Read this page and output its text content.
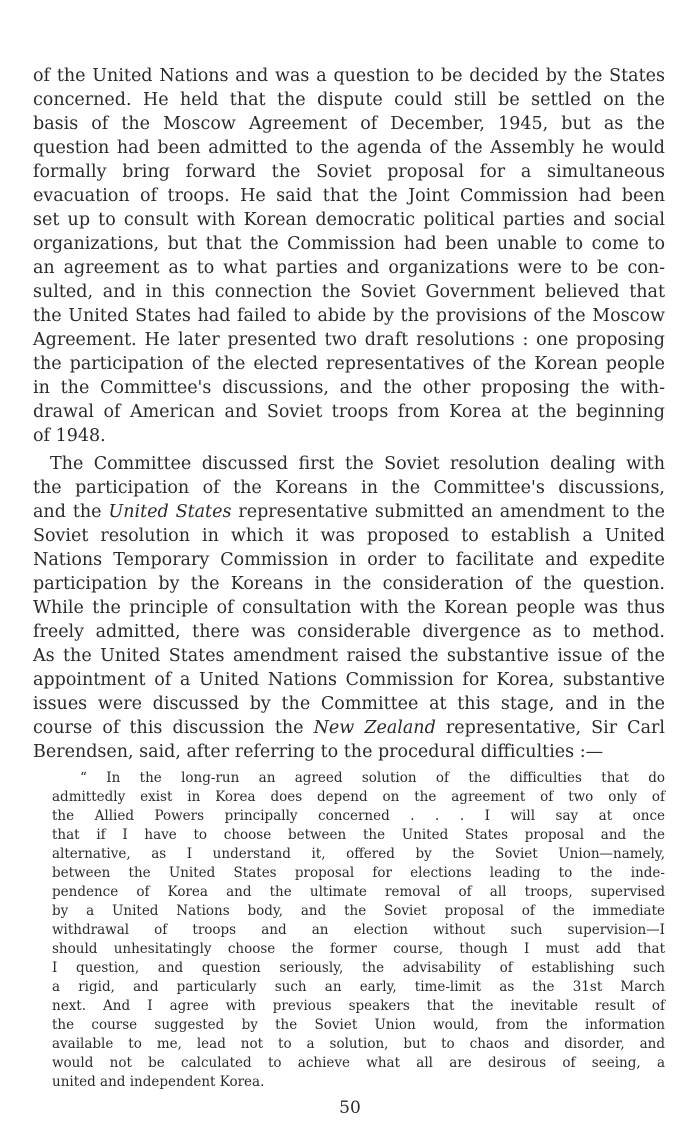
of the United Nations and was a question to be decided by the States
concerned. He held that the dispute could still be settled on the
basis of the Moscow Agreement of December, 1945, but as the
question had been admitted to the agenda of the Assembly he would
formally bring forward the Soviet proposal for a simultaneous
evacuation of troops. He said that the Joint Commission had been
set up to consult with Korean democratic political parties and social
organizations, but that the Commission had been unable to come to
an agreement as to what parties and organizations were to be con-
sulted, and in this connection the Soviet Government believed that
the United States had failed to abide by the provisions of the Moscow
Agreement. He later presented two draft resolutions : one proposing
the participation of the elected representatives of the Korean people
in the Committee's discussions, and the other proposing the with-
drawal of American and Soviet troops from Korea at the beginning
of 1948.
The Committee discussed first the Soviet resolution dealing with
the participation of the Koreans in the Committee's discussions,
and the United States representative submitted an amendment to the
Soviet resolution in which it was proposed to establish a United
Nations Temporary Commission in order to facilitate and expedite
participation by the Koreans in the consideration of the question.
While the principle of consultation with the Korean people was thus
freely admitted, there was considerable divergence as to method.
As the United States amendment raised the substantive issue of the
appointment of a United Nations Commission for Korea, substantive
issues were discussed by the Committee at this stage, and in the
course of this discussion the New Zealand representative, Sir Carl
Berendsen, said, after referring to the procedural difficulties :—
“ In the long-run an agreed solution of the difficulties that do
admittedly exist in Korea does depend on the agreement of two only of
the Allied Powers principally concerned . . . I will say at once
that if I have to choose between the United States proposal and the
alternative, as I understand it, offered by the Soviet Union—namely,
between the United States proposal for elections leading to the inde-
pendence of Korea and the ultimate removal of all troops, supervised
by a United Nations body, and the Soviet proposal of the immediate
withdrawal of troops and an election without such supervision—I
should unhesitatingly choose the former course, though I must add that
I question, and question seriously, the advisability of establishing such
a rigid, and particularly such an early, time-limit as the 31st March
next. And I agree with previous speakers that the inevitable result of
the course suggested by the Soviet Union would, from the information
available to me, lead not to a solution, but to chaos and disorder, and
would not be calculated to achieve what all are desirous of seeing, a
united and independent Korea.
50
